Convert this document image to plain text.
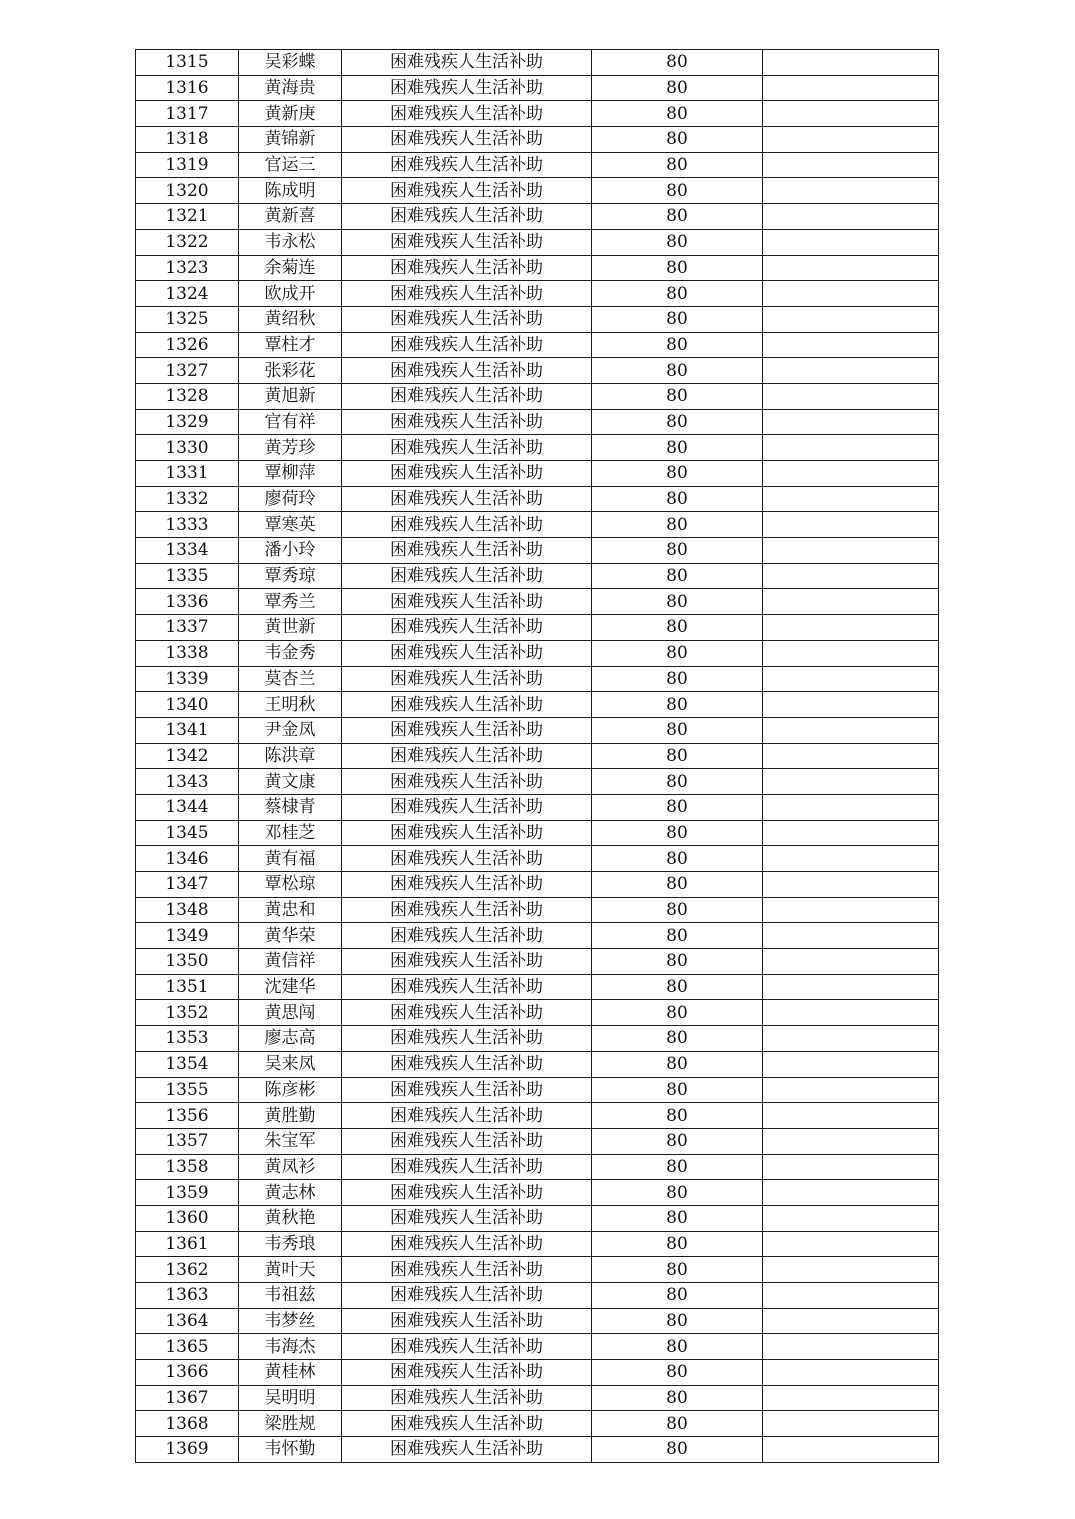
1315	吴彩蝶	困难残疾人生活补助	80	
1316	黄海贵	困难残疾人生活补助	80	
1317	黄新庚	困难残疾人生活补助	80	
1318	黄锦新	困难残疾人生活补助	80	
1319	官运三	困难残疾人生活补助	80	
1320	陈成明	困难残疾人生活补助	80	
1321	黄新喜	困难残疾人生活补助	80	
1322	韦永松	困难残疾人生活补助	80	
1323	余菊连	困难残疾人生活补助	80	
1324	欧成开	困难残疾人生活补助	80	
1325	黄绍秋	困难残疾人生活补助	80	
1326	覃柱才	困难残疾人生活补助	80	
1327	张彩花	困难残疾人生活补助	80	
1328	黄旭新	困难残疾人生活补助	80	
1329	官有祥	困难残疾人生活补助	80	
1330	黄芳珍	困难残疾人生活补助	80	
1331	覃柳萍	困难残疾人生活补助	80	
1332	廖荷玲	困难残疾人生活补助	80	
1333	覃寒英	困难残疾人生活补助	80	
1334	潘小玲	困难残疾人生活补助	80	
1335	覃秀琼	困难残疾人生活补助	80	
1336	覃秀兰	困难残疾人生活补助	80	
1337	黄世新	困难残疾人生活补助	80	
1338	韦金秀	困难残疾人生活补助	80	
1339	莫杏兰	困难残疾人生活补助	80	
1340	王明秋	困难残疾人生活补助	80	
1341	尹金凤	困难残疾人生活补助	80	
1342	陈洪章	困难残疾人生活补助	80	
1343	黄文康	困难残疾人生活补助	80	
1344	蔡棣青	困难残疾人生活补助	80	
1345	邓桂芝	困难残疾人生活补助	80	
1346	黄有福	困难残疾人生活补助	80	
1347	覃松琼	困难残疾人生活补助	80	
1348	黄忠和	困难残疾人生活补助	80	
1349	黄华荣	困难残疾人生活补助	80	
1350	黄信祥	困难残疾人生活补助	80	
1351	沈建华	困难残疾人生活补助	80	
1352	黄思闯	困难残疾人生活补助	80	
1353	廖志高	困难残疾人生活补助	80	
1354	吴来凤	困难残疾人生活补助	80	
1355	陈彦彬	困难残疾人生活补助	80	
1356	黄胜勤	困难残疾人生活补助	80	
1357	朱宝军	困难残疾人生活补助	80	
1358	黄凤衫	困难残疾人生活补助	80	
1359	黄志林	困难残疾人生活补助	80	
1360	黄秋艳	困难残疾人生活补助	80	
1361	韦秀琅	困难残疾人生活补助	80	
1362	黄叶天	困难残疾人生活补助	80	
1363	韦祖兹	困难残疾人生活补助	80	
1364	韦梦丝	困难残疾人生活补助	80	
1365	韦海杰	困难残疾人生活补助	80	
1366	黄桂林	困难残疾人生活补助	80	
1367	吴明明	困难残疾人生活补助	80	
1368	梁胜规	困难残疾人生活补助	80	
1369	韦怀勤	困难残疾人生活补助	80	
